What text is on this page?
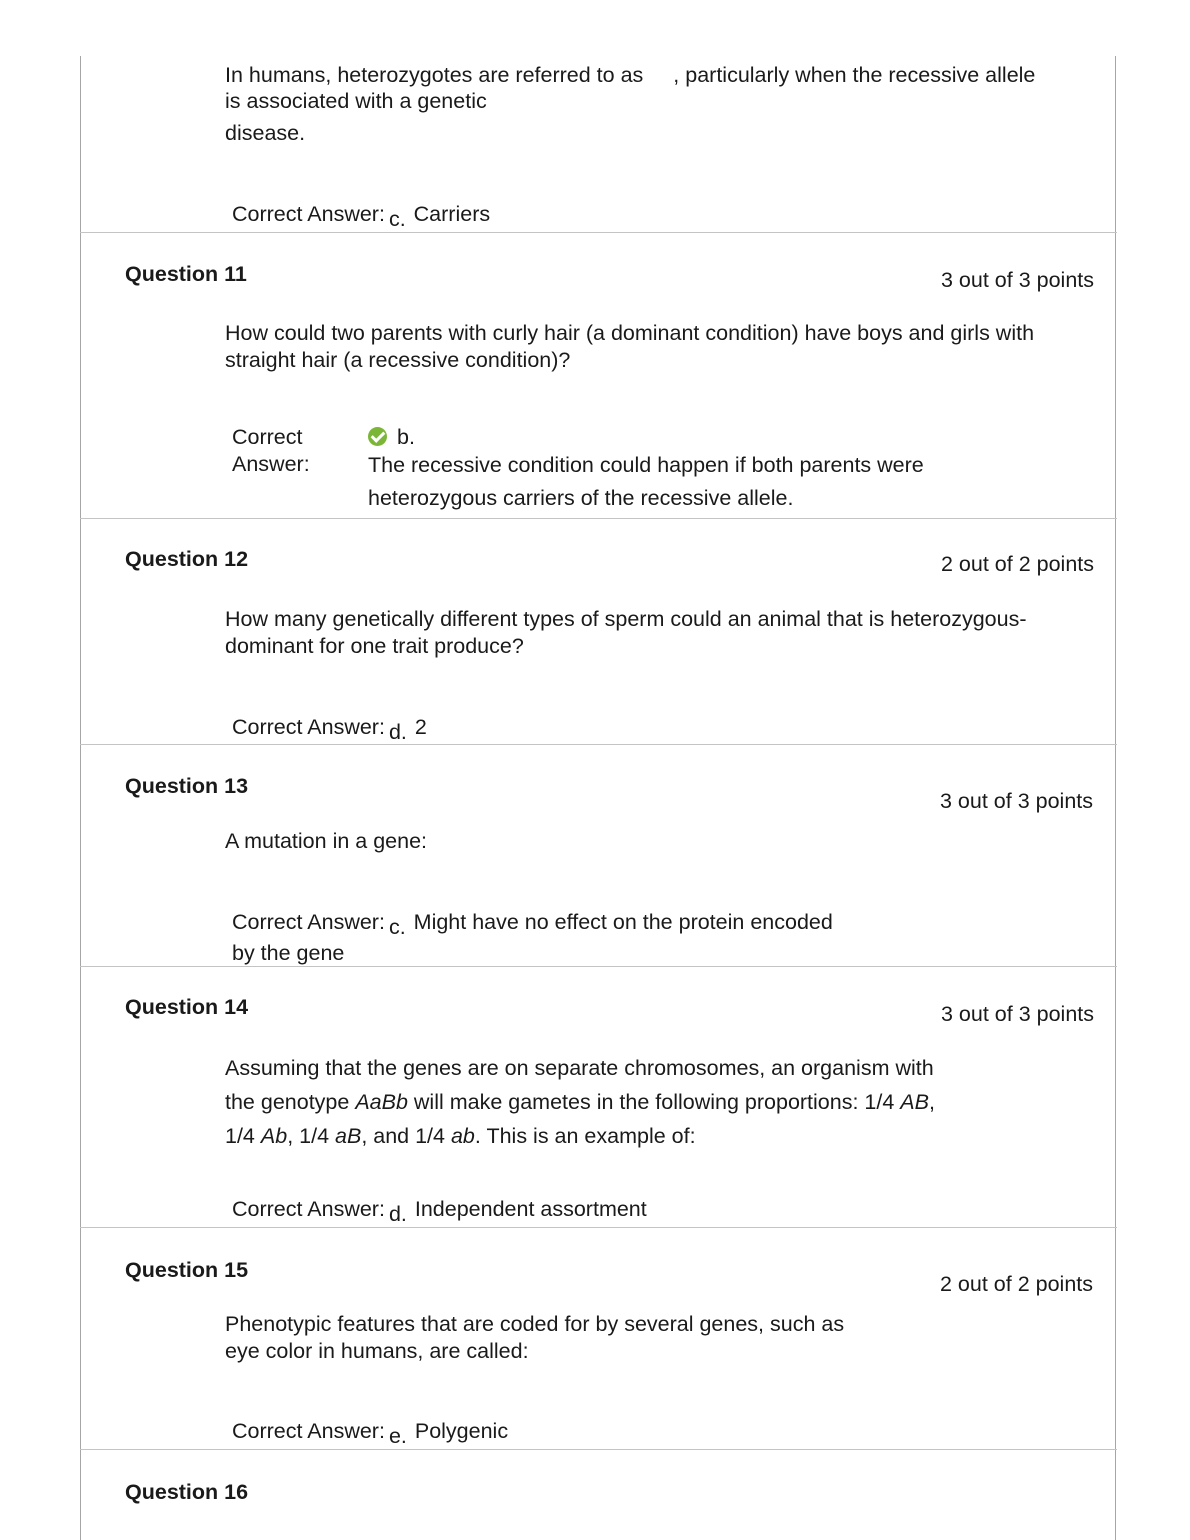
In humans, heterozygotes are referred to as , particularly when the recessive allele
is associated with a genetic
disease.
Correct Answer: c. Carriers
Question 11	3 out of 3 points
How could two parents with curly hair (a dominant condition) have boys and girls with
straight hair (a recessive condition)?
Correct
Answer:
b.
The recessive condition could happen if both parents were
heterozygous carriers of the recessive allele.
Question 12	2 out of 2 points
How many genetically different types of sperm could an animal that is heterozygous-
dominant for one trait produce?
Correct Answer: d. 2
Question 13
3 out of 3 points
A mutation in a gene:
Correct Answer: c. Might have no effect on the protein encoded
by the gene
Question 14	3 out of 3 points
Assuming that the genes are on separate chromosomes, an organism with
the genotype AaBb will make gametes in the following proportions: 1/4 AB,
1/4 Ab, 1/4 aB, and 1/4 ab. This is an example of:
Correct Answer: d. Independent assortment
Question 15
2 out of 2 points
Phenotypic features that are coded for by several genes, such as
eye color in humans, are called:
Correct Answer: e. Polygenic
Question 16
